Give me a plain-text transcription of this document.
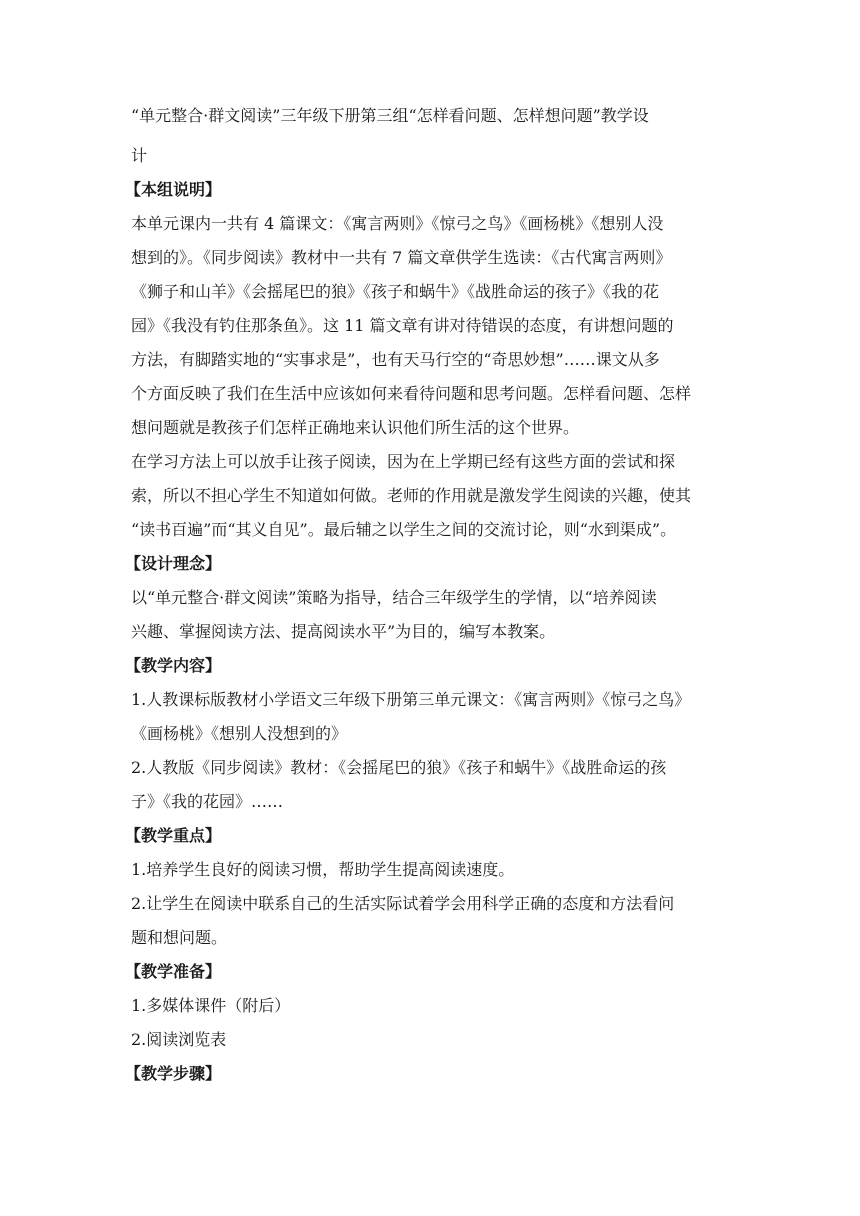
“单元整合·群文阅读”三年级下册第三组“怎样看问题、怎样想问题”教学设
计
【本组说明】
本单元课内一共有 4 篇课文：《寓言两则》《惊弓之鸟》《画杨桃》《想别人没
想到的》。《同步阅读》教材中一共有 7 篇文章供学生选读：《古代寓言两则》
《狮子和山羊》《会摇尾巴的狼》《孩子和蜗牛》《战胜命运的孩子》《我的花
园》《我没有钓住那条鱼》。这 11 篇文章有讲对待错误的态度，有讲想问题的
方法，有脚踏实地的“实事求是”，也有天马行空的“奇思妙想”……课文从多
个方面反映了我们在生活中应该如何来看待问题和思考问题。怎样看问题、怎样
想问题就是教孩子们怎样正确地来认识他们所生活的这个世界。
在学习方法上可以放手让孩子阅读，因为在上学期已经有这些方面的尝试和探
索，所以不担心学生不知道如何做。老师的作用就是激发学生阅读的兴趣，使其
“读书百遍”而“其义自见”。最后辅之以学生之间的交流讨论，则“水到渠成”。
【设计理念】
以“单元整合·群文阅读”策略为指导，结合三年级学生的学情，以“培养阅读
兴趣、掌握阅读方法、提高阅读水平”为目的，编写本教案。
【教学内容】
1.人教课标版教材小学语文三年级下册第三单元课文：《寓言两则》《惊弓之鸟》
《画杨桃》《想别人没想到的》
2.人教版《同步阅读》教材：《会摇尾巴的狼》《孩子和蜗牛》《战胜命运的孩
子》《我的花园》……
【教学重点】
1.培养学生良好的阅读习惯，帮助学生提高阅读速度。
2.让学生在阅读中联系自己的生活实际试着学会用科学正确的态度和方法看问
题和想问题。
【教学准备】
1.多媒体课件（附后）
2.阅读浏览表
【教学步骤】
